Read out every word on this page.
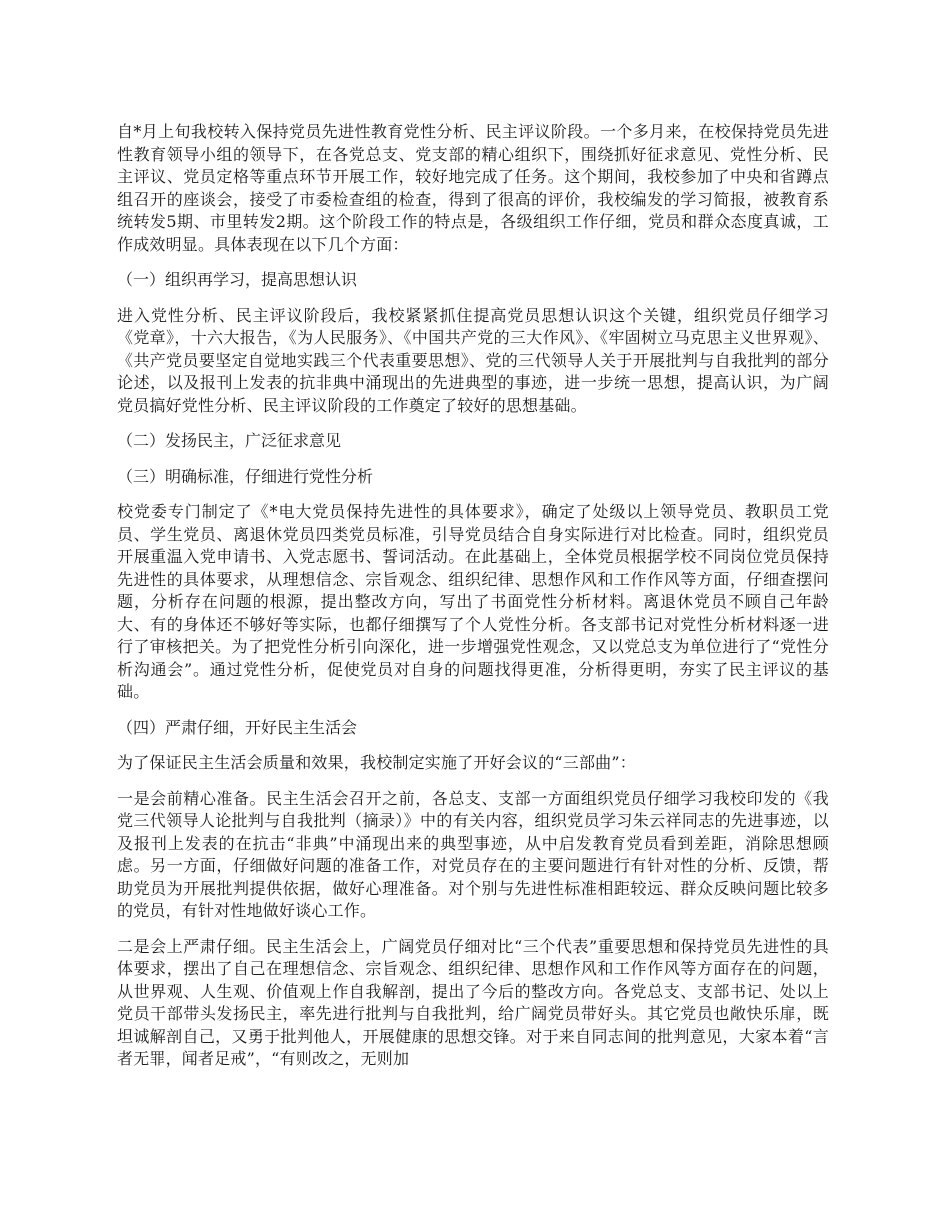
自*月上旬我校转入保持党员先进性教育党性分析、民主评议阶段。一个多月来，在校保持党员先进性教育领导小组的领导下，在各党总支、党支部的精心组织下，围绕抓好征求意见、党性分析、民主评议、党员定格等重点环节开展工作，较好地完成了任务。这个期间，我校参加了中央和省蹲点组召开的座谈会，接受了市委检查组的检查，得到了很高的评价，我校编发的学习简报，被教育系统转发5期、市里转发2期。这个阶段工作的特点是，各级组织工作仔细，党员和群众态度真诚，工作成效明显。具体表现在以下几个方面：

（一）组织再学习，提高思想认识

进入党性分析、民主评议阶段后，我校紧紧抓住提高党员思想认识这个关键，组织党员仔细学习《党章》，十六大报告，《为人民服务》、《中国共产党的三大作风》、《牢固树立马克思主义世界观》、《共产党员要坚定自觉地实践三个代表重要思想》、党的三代领导人关于开展批判与自我批判的部分论述，以及报刊上发表的抗非典中涌现出的先进典型的事迹，进一步统一思想，提高认识，为广阔党员搞好党性分析、民主评议阶段的工作奠定了较好的思想基础。

（二）发扬民主，广泛征求意见

（三）明确标准，仔细进行党性分析

校党委专门制定了《*电大党员保持先进性的具体要求》，确定了处级以上领导党员、教职员工党员、学生党员、离退休党员四类党员标准，引导党员结合自身实际进行对比检查。同时，组织党员开展重温入党申请书、入党志愿书、誓词活动。在此基础上，全体党员根据学校不同岗位党员保持先进性的具体要求，从理想信念、宗旨观念、组织纪律、思想作风和工作作风等方面，仔细查摆问题，分析存在问题的根源，提出整改方向，写出了书面党性分析材料。离退休党员不顾自己年龄大、有的身体还不够好等实际，也都仔细撰写了个人党性分析。各支部书记对党性分析材料逐一进行了审核把关。为了把党性分析引向深化，进一步增强党性观念，又以党总支为单位进行了“党性分析沟通会”。通过党性分析，促使党员对自身的问题找得更准，分析得更明，夯实了民主评议的基础。

（四）严肃仔细，开好民主生活会

为了保证民主生活会质量和效果，我校制定实施了开好会议的“三部曲”：

一是会前精心准备。民主生活会召开之前，各总支、支部一方面组织党员仔细学习我校印发的《我党三代领导人论批判与自我批判（摘录）》中的有关内容，组织党员学习朱云祥同志的先进事迹，以及报刊上发表的在抗击“非典”中涌现出来的典型事迹，从中启发教育党员看到差距，消除思想顾虑。另一方面，仔细做好问题的准备工作，对党员存在的主要问题进行有针对性的分析、反馈，帮助党员为开展批判提供依据，做好心理准备。对个别与先进性标准相距较远、群众反映问题比较多的党员，有针对性地做好谈心工作。

二是会上严肃仔细。民主生活会上，广阔党员仔细对比“三个代表”重要思想和保持党员先进性的具体要求，摆出了自己在理想信念、宗旨观念、组织纪律、思想作风和工作作风等方面存在的问题，从世界观、人生观、价值观上作自我解剖，提出了今后的整改方向。各党总支、支部书记、处以上党员干部带头发扬民主，率先进行批判与自我批判，给广阔党员带好头。其它党员也敞快乐扉，既坦诚解剖自己，又勇于批判他人，开展健康的思想交锋。对于来自同志间的批判意见，大家本着“言者无罪，闻者足戒”，“有则改之，无则加
